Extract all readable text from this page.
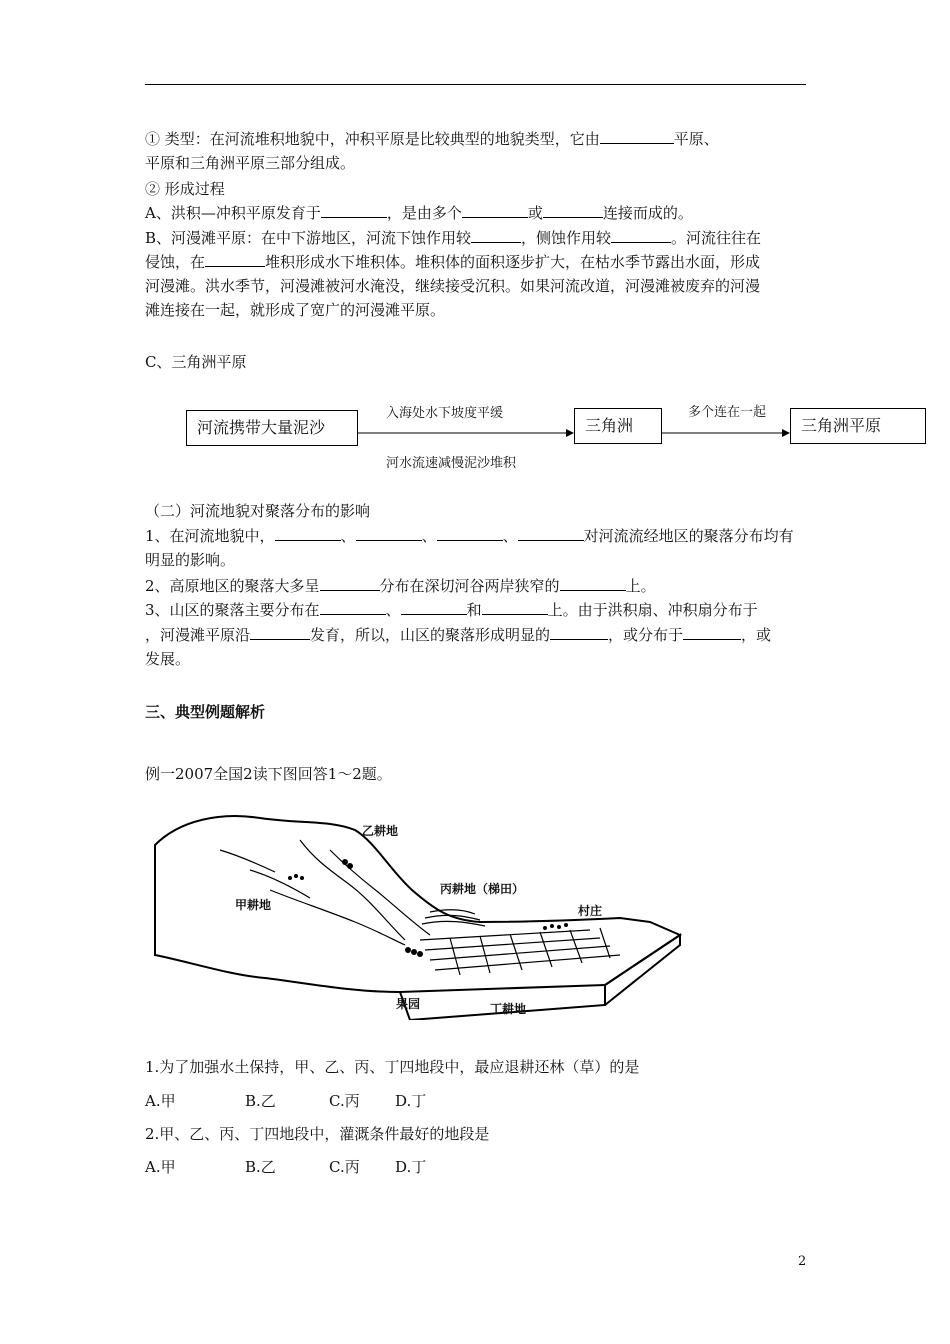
① 类型：在河流堆积地貌中，冲积平原是比较典型的地貌类型，它由	平原、
平原和三角洲平原三部分组成。
② 形成过程
A、洪积—冲积平原发育于	，是由多个	或	连接而成的。
B、河漫滩平原：在中下游地区，河流下蚀作用较	，侧蚀作用较	。河流往往在
侵蚀，在	堆积形成水下堆积体。堆积体的面积逐步扩大，在枯水季节露出水面，形成
河漫滩。洪水季节，河漫滩被河水淹没，继续接受沉积。如果河流改道，河漫滩被废弃的河漫
滩连接在一起，就形成了宽广的河漫滩平原。
C、三角洲平原
河流携带大量泥沙
入海处水下坡度平缓
河水流速减慢泥沙堆积
三角洲
多个连在一起
三角洲平原
（二）河流地貌对聚落分布的影响
1、在河流地貌中，	、	、	、	对河流流经地区的聚落分布均有
明显的影响。
2、高原地区的聚落大多呈	分布在深切河谷两岸狭窄的	上。
3、山区的聚落主要分布在	、	和	上。由于洪积扇、冲积扇分布于
，河漫滩平原沿	发育，所以，山区的聚落形成明显的	，或分布于	，或
发展。
三、典型例题解析
例一2007全国2读下图回答1～2题。
乙耕地
甲耕地
丙耕地（梯田）
村庄
果园	丁耕地
1.为了加强水土保持，甲、乙、丙、丁四地段中，最应退耕还林（草）的是
A.甲	B.乙	C.丙 D.丁
2.甲、乙、丙、丁四地段中，灌溉条件最好的地段是
A.甲	B.乙	C.丙 D.丁
2
